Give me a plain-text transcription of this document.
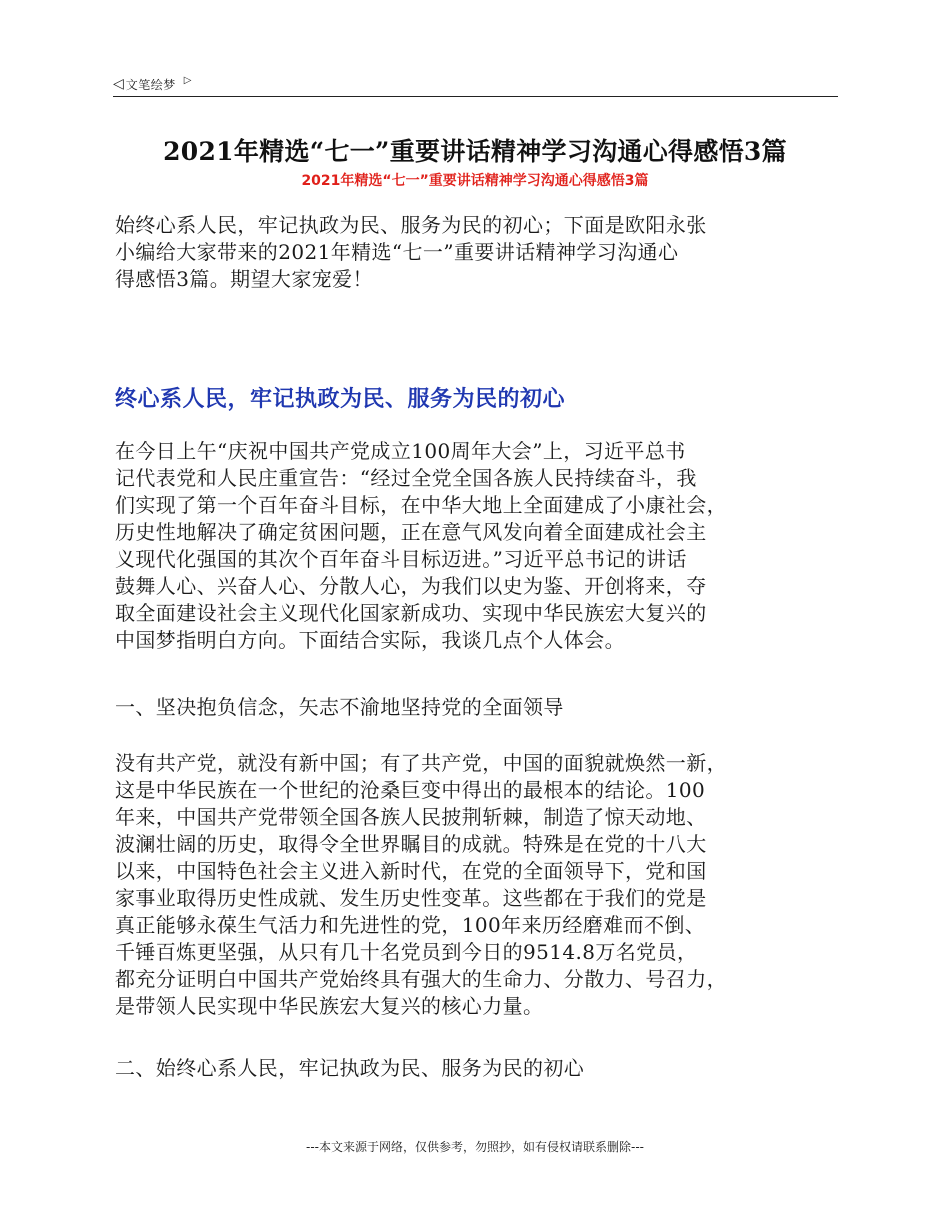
◁ 文笔绘梦 ▷
2021年精选“七一”重要讲话精神学习沟通心得感悟3篇
2021年精选“七一”重要讲话精神学习沟通心得感悟3篇
始终心系人民，牢记执政为民、服务为民的初心；下面是欧阳永张
小编给大家带来的2021年精选“七一”重要讲话精神学习沟通心
得感悟3篇。期望大家宠爱！
终心系人民，牢记执政为民、服务为民的初心
在今日上午“庆祝中国共产党成立100周年大会”上，习近平总书
记代表党和人民庄重宣告：“经过全党全国各族人民持续奋斗，我
们实现了第一个百年奋斗目标，在中华大地上全面建成了小康社会，
历史性地解决了确定贫困问题，正在意气风发向着全面建成社会主
义现代化强国的其次个百年奋斗目标迈进。”习近平总书记的讲话
鼓舞人心、兴奋人心、分散人心，为我们以史为鉴、开创将来，夺
取全面建设社会主义现代化国家新成功、实现中华民族宏大复兴的
中国梦指明白方向。下面结合实际，我谈几点个人体会。
一、坚决抱负信念，矢志不渝地坚持党的全面领导
没有共产党，就没有新中国；有了共产党，中国的面貌就焕然一新，
这是中华民族在一个世纪的沧桑巨变中得出的最根本的结论。100
年来，中国共产党带领全国各族人民披荆斩棘，制造了惊天动地、
波澜壮阔的历史，取得令全世界瞩目的成就。特殊是在党的十八大
以来，中国特色社会主义进入新时代，在党的全面领导下，党和国
家事业取得历史性成就、发生历史性变革。这些都在于我们的党是
真正能够永葆生气活力和先进性的党，100年来历经磨难而不倒、
千锤百炼更坚强，从只有几十名党员到今日的9514.8万名党员，
都充分证明白中国共产党始终具有强大的生命力、分散力、号召力，
是带领人民实现中华民族宏大复兴的核心力量。
二、始终心系人民，牢记执政为民、服务为民的初心
---本文来源于网络，仅供参考，勿照抄，如有侵权请联系删除---
